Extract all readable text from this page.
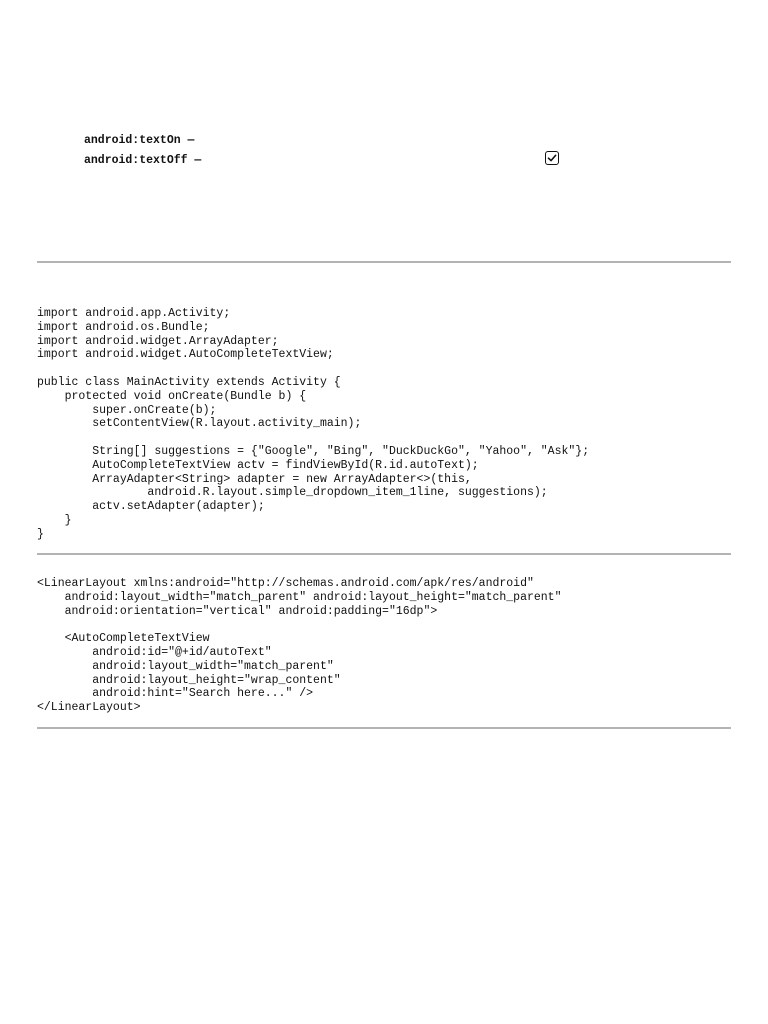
android:textOn —
android:textOff —
import android.app.Activity;
import android.os.Bundle;
import android.widget.ArrayAdapter;
import android.widget.AutoCompleteTextView;

public class MainActivity extends Activity {
protected void onCreate(Bundle b) {
super.onCreate(b);
setContentView(R.layout.activity_main);

String[] suggestions = {"Google", "Bing", "DuckDuckGo", "Yahoo", "Ask"};
AutoCompleteTextView actv = findViewById(R.id.autoText);
ArrayAdapter<String> adapter = new ArrayAdapter<>(this,
android.R.layout.simple_dropdown_item_1line, suggestions);
actv.setAdapter(adapter);
}
}
<LinearLayout xmlns:android="http://schemas.android.com/apk/res/android"
android:layout_width="match_parent" android:layout_height="match_parent"
android:orientation="vertical" android:padding="16dp">

<AutoCompleteTextView
android:id="@+id/autoText"
android:layout_width="match_parent"
android:layout_height="wrap_content"
android:hint="Search here..." />
</LinearLayout>
